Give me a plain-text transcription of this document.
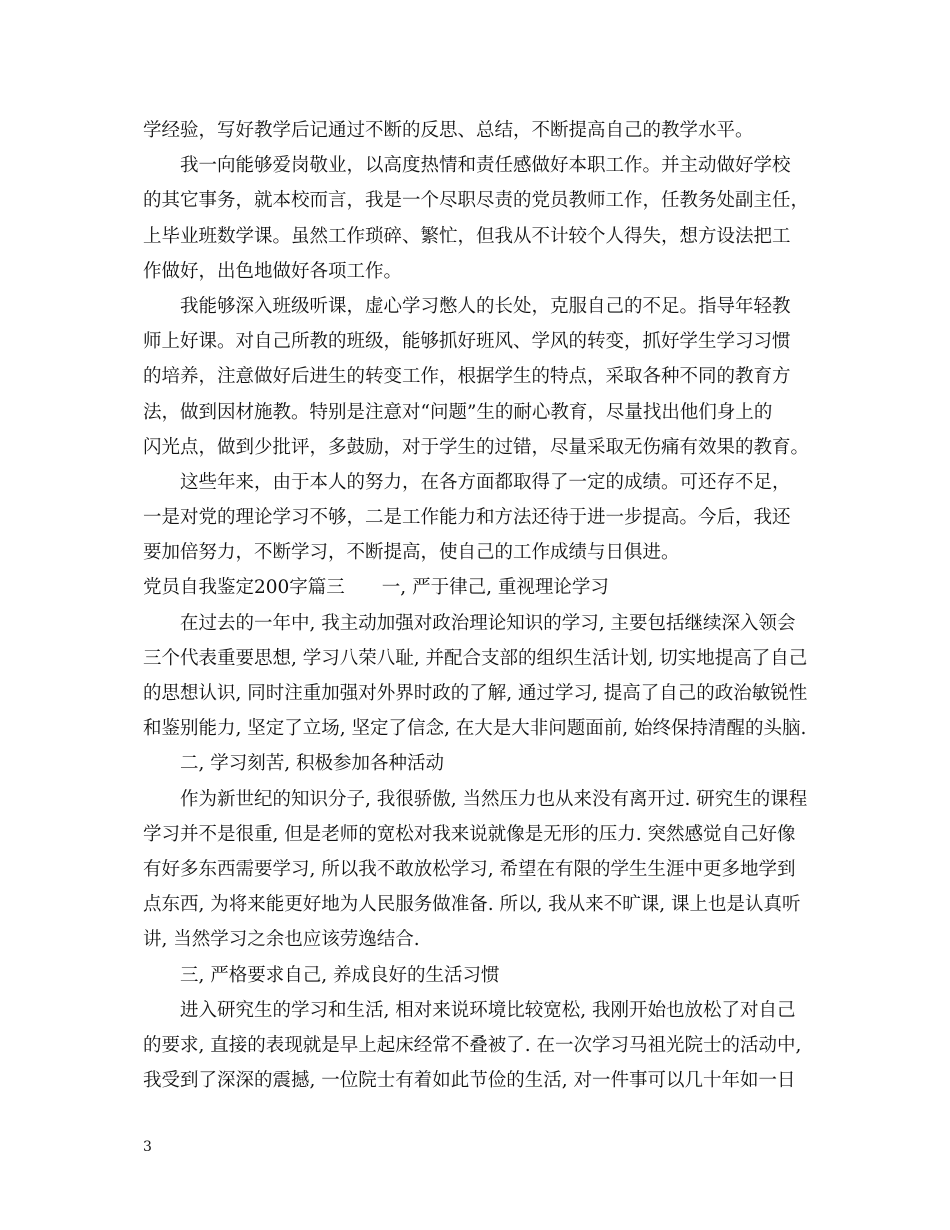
学经验，写好教学后记通过不断的反思、总结，不断提高自己的教学水平。
我一向能够爱岗敬业，以高度热情和责任感做好本职工作。并主动做好学校
的其它事务，就本校而言，我是一个尽职尽责的党员教师工作，任教务处副主任，
上毕业班数学课。虽然工作琐碎、繁忙，但我从不计较个人得失，想方设法把工
作做好，出色地做好各项工作。
我能够深入班级听课，虚心学习憋人的长处，克服自己的不足。指导年轻教
师上好课。对自己所教的班级，能够抓好班风、学风的转变，抓好学生学习习惯
的培养，注意做好后进生的转变工作，根据学生的特点，采取各种不同的教育方
法，做到因材施教。特别是注意对“问题”生的耐心教育，尽量找出他们身上的
闪光点，做到少批评，多鼓励，对于学生的过错，尽量采取无伤痛有效果的教育。
这些年来，由于本人的努力，在各方面都取得了一定的成绩。可还存不足，
一是对党的理论学习不够，二是工作能力和方法还待于进一步提高。今后，我还
要加倍努力，不断学习，不断提高，使自己的工作成绩与日俱进。
党员自我鉴定200字篇三　　一, 严于律己, 重视理论学习
在过去的一年中, 我主动加强对政治理论知识的学习, 主要包括继续深入领会
三个代表重要思想, 学习八荣八耻, 并配合支部的组织生活计划, 切实地提高了自己
的思想认识, 同时注重加强对外界时政的了解, 通过学习, 提高了自己的政治敏锐性
和鉴别能力, 坚定了立场, 坚定了信念, 在大是大非问题面前, 始终保持清醒的头脑.
二, 学习刻苦, 积极参加各种活动
作为新世纪的知识分子, 我很骄傲, 当然压力也从来没有离开过. 研究生的课程
学习并不是很重, 但是老师的宽松对我来说就像是无形的压力. 突然感觉自己好像
有好多东西需要学习, 所以我不敢放松学习, 希望在有限的学生生涯中更多地学到
点东西, 为将来能更好地为人民服务做准备. 所以, 我从来不旷课, 课上也是认真听
讲, 当然学习之余也应该劳逸结合.
三, 严格要求自己, 养成良好的生活习惯
进入研究生的学习和生活, 相对来说环境比较宽松, 我刚开始也放松了对自己
的要求, 直接的表现就是早上起床经常不叠被了. 在一次学习马祖光院士的活动中,
我受到了深深的震撼, 一位院士有着如此节俭的生活, 对一件事可以几十年如一日
3
